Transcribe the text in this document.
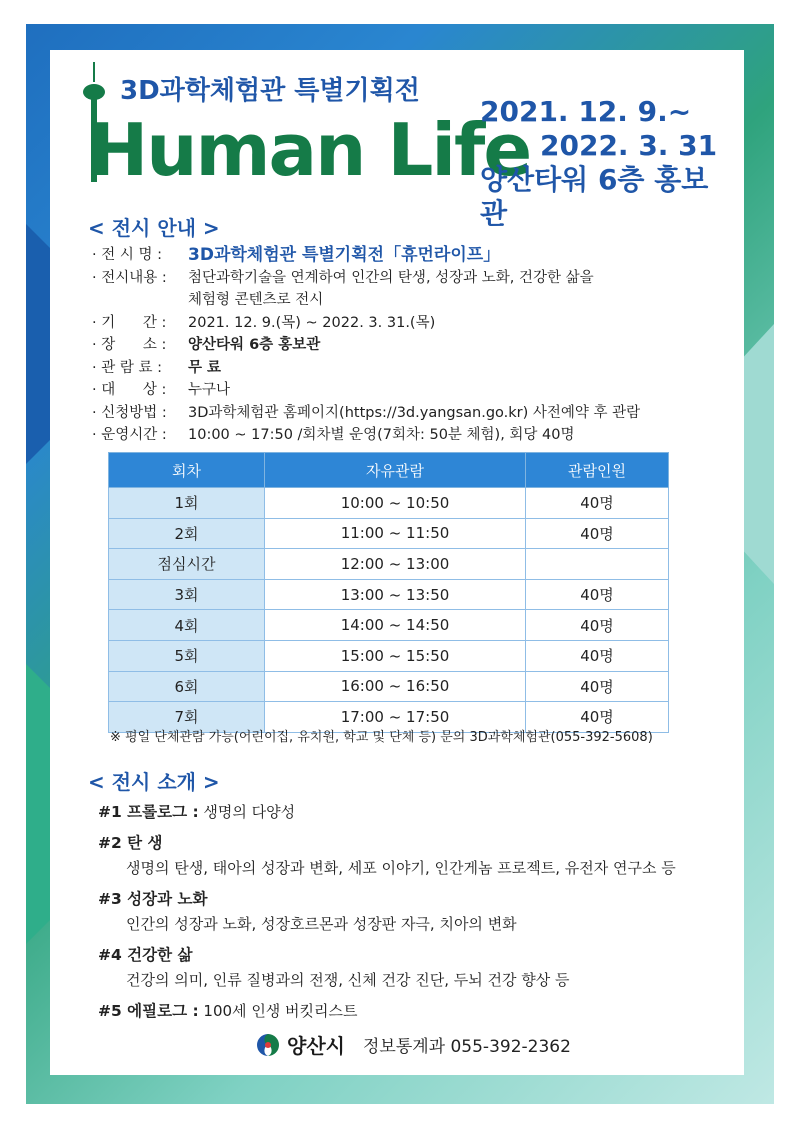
3D과학체험관 특별기획전
Human Life
2021. 12. 9.~
2022. 3. 31
양산타워 6층 홍보관
< 전시 안내 >
· 전 시 명 :	3D과학체험관 특별기획전「휴먼라이프」
· 전시내용 :	첨단과학기술을 연계하여 인간의 탄생, 성장과 노화, 건강한 삶을
체험형 콘텐츠로 전시
· 기      간 :	2021. 12. 9.(목) ~ 2022. 3. 31.(목)
· 장      소 :	양산타워 6층 홍보관
· 관 람 료 :	무 료
· 대      상 :	누구나
· 신청방법 :	3D과학체험관 홈페이지(https://3d.yangsan.go.kr) 사전예약 후 관람
· 운영시간 :	10:00 ~ 17:50 /회차별 운영(7회차: 50분 체험), 회당 40명
회차	자유관람	관람인원
1회	10:00 ~ 10:50	40명
2회	11:00 ~ 11:50	40명
점심시간	12:00 ~ 13:00	
3회	13:00 ~ 13:50	40명
4회	14:00 ~ 14:50	40명
5회	15:00 ~ 15:50	40명
6회	16:00 ~ 16:50	40명
7회	17:00 ~ 17:50	40명
※ 평일 단체관람 가능(어린이집, 유치원, 학교 및 단체 등) 문의 3D과학체험관(055-392-5608)
< 전시 소개 >
#1 프롤로그 : 생명의 다양성
#2 탄 생
생명의 탄생, 태아의 성장과 변화, 세포 이야기, 인간게놈 프로젝트, 유전자 연구소 등
#3 성장과 노화
인간의 성장과 노화, 성장호르몬과 성장판 자극, 치아의 변화
#4 건강한 삶
건강의 의미, 인류 질병과의 전쟁, 신체 건강 진단, 두뇌 건강 향상 등
#5 에필로그 : 100세 인생 버킷리스트
양산시 정보통계과 055-392-2362
